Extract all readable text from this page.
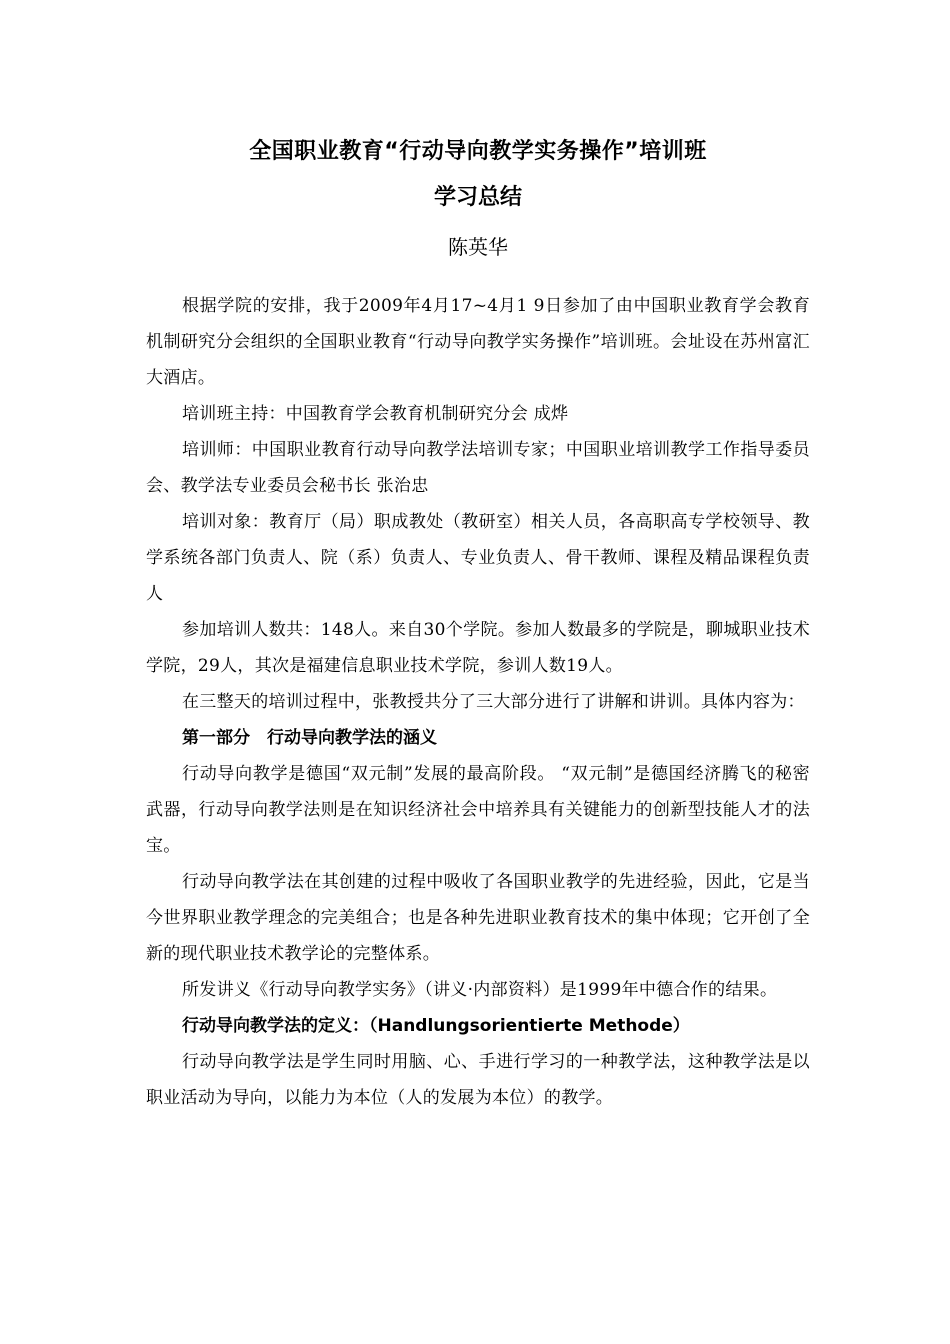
全国职业教育“行动导向教学实务操作”培训班
学习总结
陈英华

根据学院的安排，我于2009年4月17~4月1 9日参加了由中国职业教育学会教育机制研究分会组织的全国职业教育“行动导向教学实务操作”培训班。会址设在苏州富汇大酒店。

培训班主持：中国教育学会教育机制研究分会 成烨

培训师：中国职业教育行动导向教学法培训专家；中国职业培训教学工作指导委员会、教学法专业委员会秘书长 张治忠

培训对象：教育厅（局）职成教处（教研室）相关人员，各高职高专学校领导、教学系统各部门负责人、院（系）负责人、专业负责人、骨干教师、课程及精品课程负责人

参加培训人数共：148人。来自30个学院。参加人数最多的学院是，聊城职业技术学院，29人，其次是福建信息职业技术学院，参训人数19人。

在三整天的培训过程中，张教授共分了三大部分进行了讲解和讲训。具体内容为：

第一部分　行动导向教学法的涵义

行动导向教学是德国“双元制”发展的最高阶段。 “双元制”是德国经济腾飞的秘密武器，行动导向教学法则是在知识经济社会中培养具有关键能力的创新型技能人才的法宝。

行动导向教学法在其创建的过程中吸收了各国职业教学的先进经验，因此，它是当今世界职业教学理念的完美组合；也是各种先进职业教育技术的集中体现；它开创了全新的现代职业技术教学论的完整体系。

所发讲义《行动导向教学实务》（讲义·内部资料）是1999年中德合作的结果。

行动导向教学法的定义：（Handlungsorientierte Methode）

行动导向教学法是学生同时用脑、心、手进行学习的一种教学法，这种教学法是以职业活动为导向，以能力为本位（人的发展为本位）的教学。
